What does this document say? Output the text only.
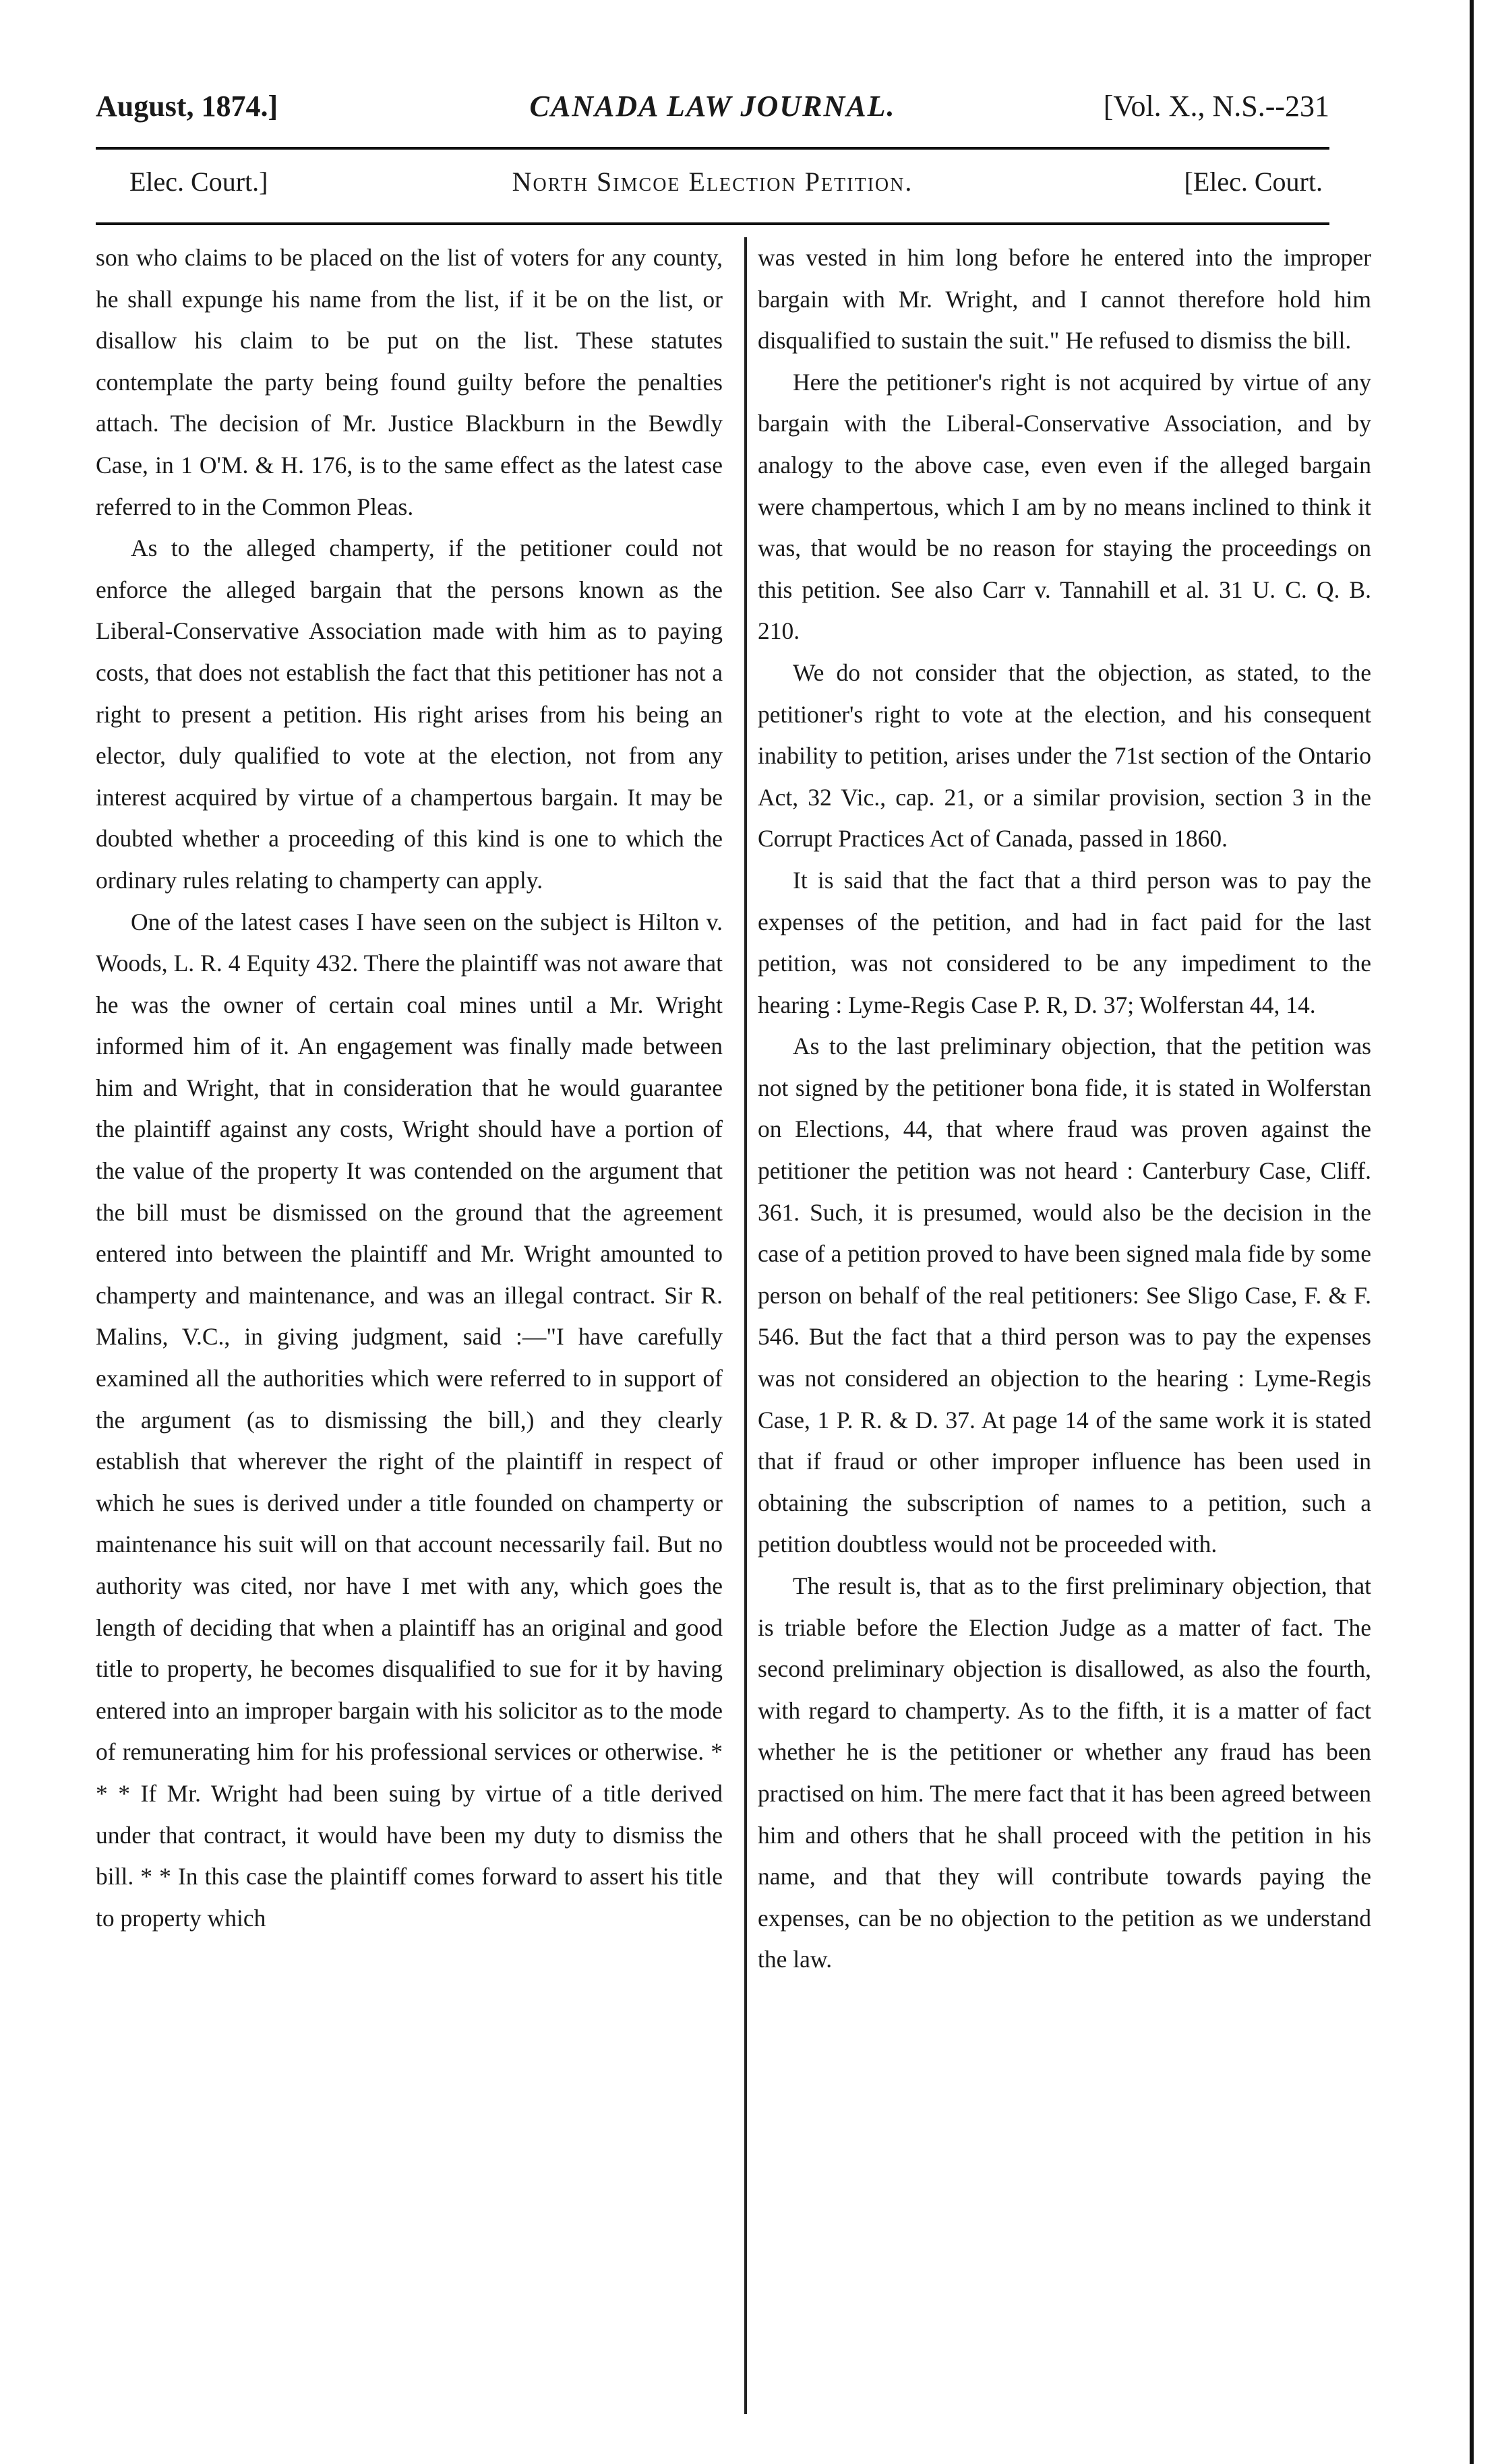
August, 1874.]	CANADA LAW JOURNAL.	[Vol. X., N.S.--231
Elec. Court.]	North Simcoe Election Petition.	[Elec. Court.

son who claims to be placed on the list of voters for any county, he shall expunge his name from the list, if it be on the list, or disallow his claim to be put on the list. These statutes contemplate the party being found guilty before the penalties attach. The decision of Mr. Justice Blackburn in the Bewdly Case, in 1 O'M. & H. 176, is to the same effect as the latest case referred to in the Common Pleas.

As to the alleged champerty, if the petitioner could not enforce the alleged bargain that the persons known as the Liberal-Conservative Association made with him as to paying costs, that does not establish the fact that this petitioner has not a right to present a petition. His right arises from his being an elector, duly qualified to vote at the election, not from any interest acquired by virtue of a champertous bargain. It may be doubted whether a proceeding of this kind is one to which the ordinary rules relating to champerty can apply.

One of the latest cases I have seen on the subject is Hilton v. Woods, L. R. 4 Equity 432. There the plaintiff was not aware that he was the owner of certain coal mines until a Mr. Wright informed him of it. An engagement was finally made between him and Wright, that in consideration that he would guarantee the plaintiff against any costs, Wright should have a portion of the value of the property It was contended on the argument that the bill must be dismissed on the ground that the agreement entered into between the plaintiff and Mr. Wright amounted to champerty and maintenance, and was an illegal contract. Sir R. Malins, V.C., in giving judgment, said :—"I have carefully examined all the authorities which were referred to in support of the argument (as to dismissing the bill,) and they clearly establish that wherever the right of the plaintiff in respect of which he sues is derived under a title founded on champerty or maintenance his suit will on that account necessarily fail. But no authority was cited, nor have I met with any, which goes the length of deciding that when a plaintiff has an original and good title to property, he becomes disqualified to sue for it by having entered into an improper bargain with his solicitor as to the mode of remunerating him for his professional services or otherwise. * * * If Mr. Wright had been suing by virtue of a title derived under that contract, it would have been my duty to dismiss the bill. * * In this case the plaintiff comes forward to assert his title to property which

was vested in him long before he entered into the improper bargain with Mr. Wright, and I cannot therefore hold him disqualified to sustain the suit." He refused to dismiss the bill.

Here the petitioner's right is not acquired by virtue of any bargain with the Liberal-Conservative Association, and by analogy to the above case, even even if the alleged bargain were champertous, which I am by no means inclined to think it was, that would be no reason for staying the proceedings on this petition. See also Carr v. Tannahill et al. 31 U. C. Q. B. 210.

We do not consider that the objection, as stated, to the petitioner's right to vote at the election, and his consequent inability to petition, arises under the 71st section of the Ontario Act, 32 Vic., cap. 21, or a similar provision, section 3 in the Corrupt Practices Act of Canada, passed in 1860.

It is said that the fact that a third person was to pay the expenses of the petition, and had in fact paid for the last petition, was not considered to be any impediment to the hearing : Lyme-Regis Case P. R, D. 37; Wolferstan 44, 14.

As to the last preliminary objection, that the petition was not signed by the petitioner bona fide, it is stated in Wolferstan on Elections, 44, that where fraud was proven against the petitioner the petition was not heard : Canterbury Case, Cliff. 361. Such, it is presumed, would also be the decision in the case of a petition proved to have been signed mala fide by some person on behalf of the real petitioners: See Sligo Case, F. & F. 546. But the fact that a third person was to pay the expenses was not considered an objection to the hearing : Lyme-Regis Case, 1 P. R. & D. 37. At page 14 of the same work it is stated that if fraud or other improper influence has been used in obtaining the subscription of names to a petition, such a petition doubtless would not be proceeded with.

The result is, that as to the first preliminary objection, that is triable before the Election Judge as a matter of fact. The second preliminary objection is disallowed, as also the fourth, with regard to champerty. As to the fifth, it is a matter of fact whether he is the petitioner or whether any fraud has been practised on him. The mere fact that it has been agreed between him and others that he shall proceed with the petition in his name, and that they will contribute towards paying the expenses, can be no objection to the petition as we understand the law.
